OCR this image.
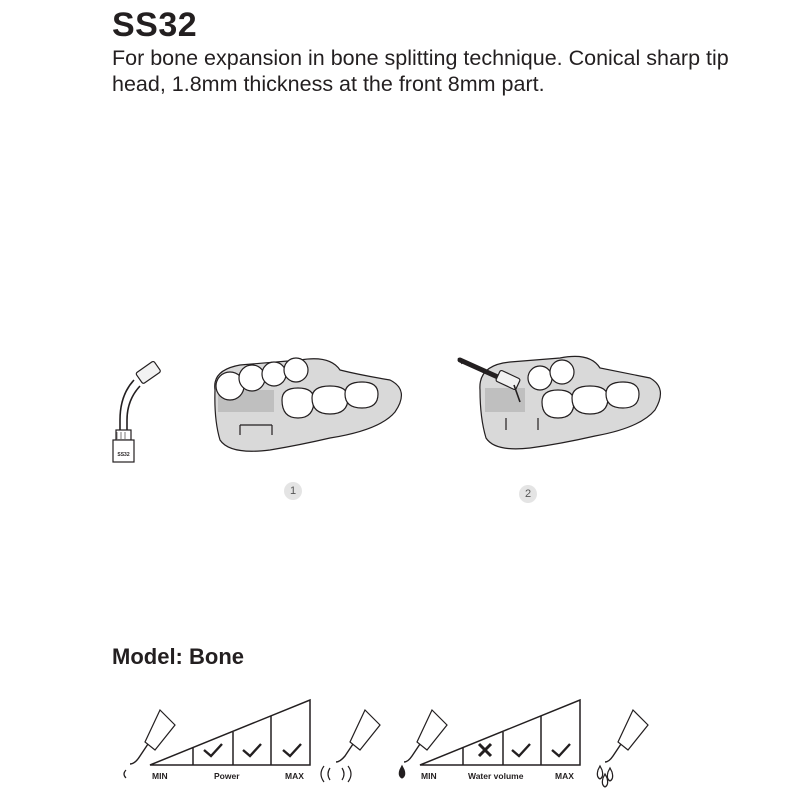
SS32

For bone expansion in bone splitting technique. Conical sharp tip head, 1.8mm thickness at the front 8mm part.

SS32
1	2
Model: Bone
MIN	Power	MAX	MIN	Water volume	MAX
